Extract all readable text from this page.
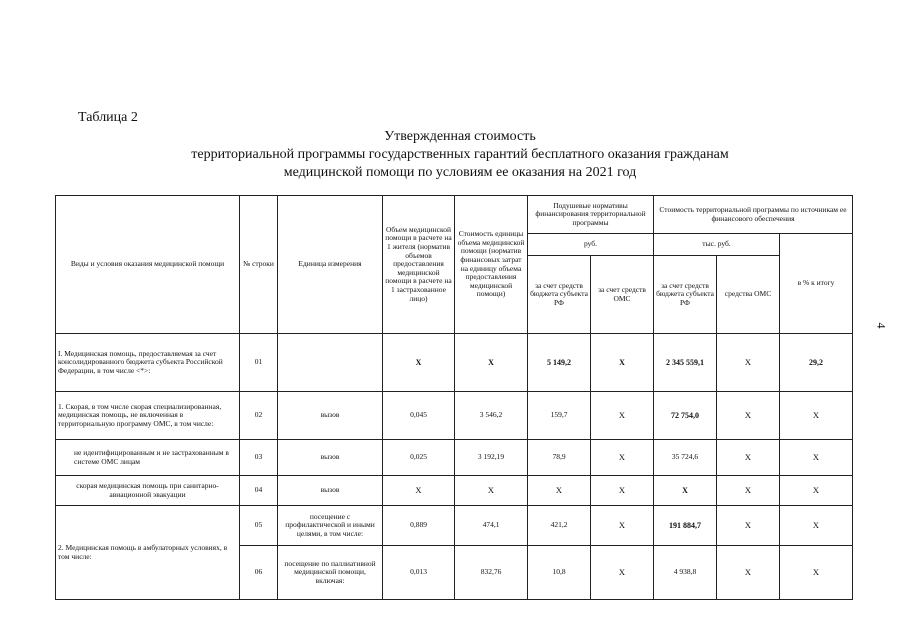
Таблица 2
Утвержденная стоимость
территориальной программы государственных гарантий бесплатного оказания гражданам
медицинской помощи по условиям ее оказания на 2021 год
4
Виды и условия оказания медицинской помощи	№ строки	Единица измерения	Объем медицинской помощи в расчете на 1 жителя (норматив объемов предоставления медицинской помощи в расчете на 1 застрахованное лицо)	Стоимость единицы объема медицинской помощи (норматив финансовых затрат на единицу объема предоставления медицинской помощи)	Подушевые нормативы финансирования территориальной программы		Стоимость территориальной программы по источникам ее финансового обеспечения		
					руб.		тыс. руб.		в % к итогу
					за счет средств бюджета субъекта РФ	за счет средств ОМС	за счет средств бюджета субъекта РФ	средства ОМС	
I. Медицинская помощь, предоставляемая за счет консолидированного бюджета субъекта Российской Федерации, в том числе <*>:	01		X	X	5 149,2	X	2 345 559,1	X	29,2
1. Скорая, в том числе скорая специализированная, медицинская помощь, не включенная в территориальную программу ОМС, в том числе:	02	вызов	0,045	3 546,2	159,7	X	72 754,0	X	X
не идентифицированным и не застрахованным в системе ОМС лицам	03	вызов	0,025	3 192,19	78,9	X	35 724,6	X	X
скорая медицинская помощь при санитарно-авиационной эвакуации	04	вызов	X	X	X	X	X	X	X
2. Медицинская помощь в амбулаторных условиях, в том числе:	05	посещение с профилактической и иными целями, в том числе:	0,889	474,1	421,2	X	191 884,7	X	X
	06	посещение по паллиативной медицинской помощи, включая:	0,013	832,76	10,8	X	4 938,8	X	X
